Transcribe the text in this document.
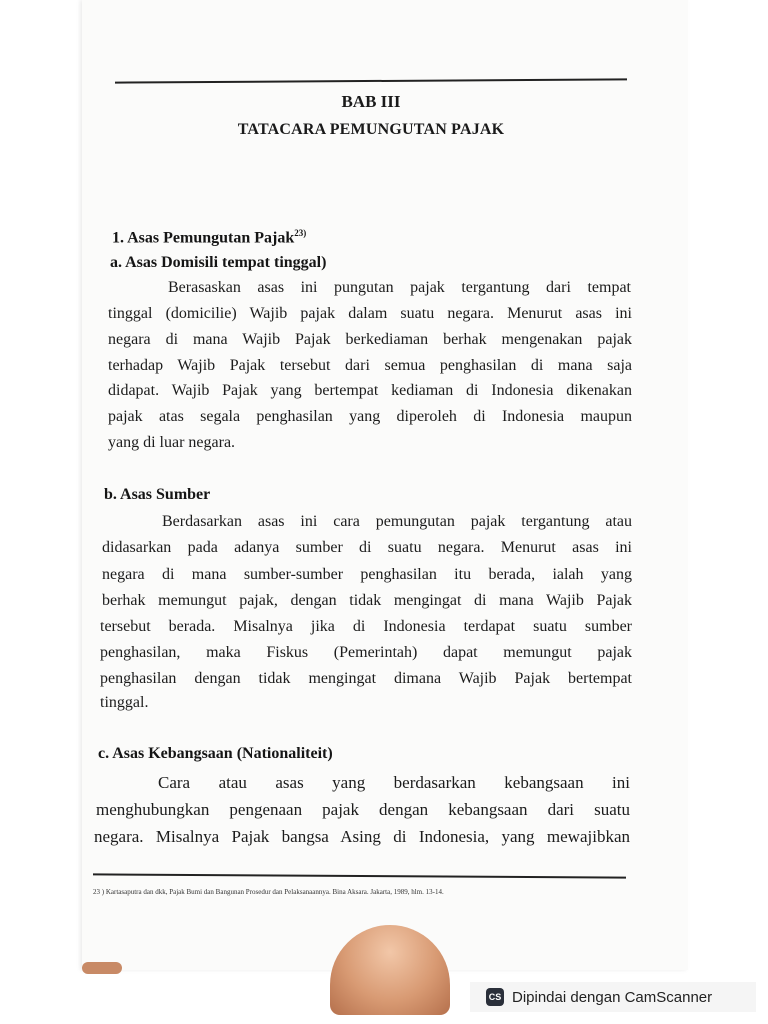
BAB III
TATACARA PEMUNGUTAN PAJAK
1. Asas Pemungutan Pajak$^{23)}$
a. Asas Domisili tempat tinggal)
Berasaskan asas ini pungutan pajak tergantung dari tempat
tinggal (domicilie) Wajib pajak dalam suatu negara. Menurut asas ini
negara di mana Wajib Pajak berkediaman berhak mengenakan pajak
terhadap Wajib Pajak tersebut dari semua penghasilan di mana saja
didapat. Wajib Pajak yang bertempat kediaman di Indonesia dikenakan
pajak atas segala penghasilan yang diperoleh di Indonesia maupun
yang di luar negara.
b. Asas Sumber
Berdasarkan asas ini cara pemungutan pajak tergantung atau
didasarkan pada adanya sumber di suatu negara. Menurut asas ini
negara di mana sumber-sumber penghasilan itu berada, ialah yang
berhak memungut pajak, dengan tidak mengingat di mana Wajib Pajak
tersebut berada. Misalnya jika di Indonesia terdapat suatu sumber
penghasilan, maka Fiskus (Pemerintah) dapat memungut pajak
penghasilan dengan tidak mengingat dimana Wajib Pajak bertempat
tinggal.
c. Asas Kebangsaan (Nationaliteit)
Cara atau asas yang berdasarkan kebangsaan ini
menghubungkan pengenaan pajak dengan kebangsaan dari suatu
negara. Misalnya Pajak bangsa Asing di Indonesia, yang mewajibkan
23 ) Kartasaputra dan dkk, Pajak Bumi dan Bangunan Prosedur dan Pelaksanaannya. Bina Aksara. Jakarta, 1989, hlm. 13-14.
CS Dipindai dengan CamScanner
